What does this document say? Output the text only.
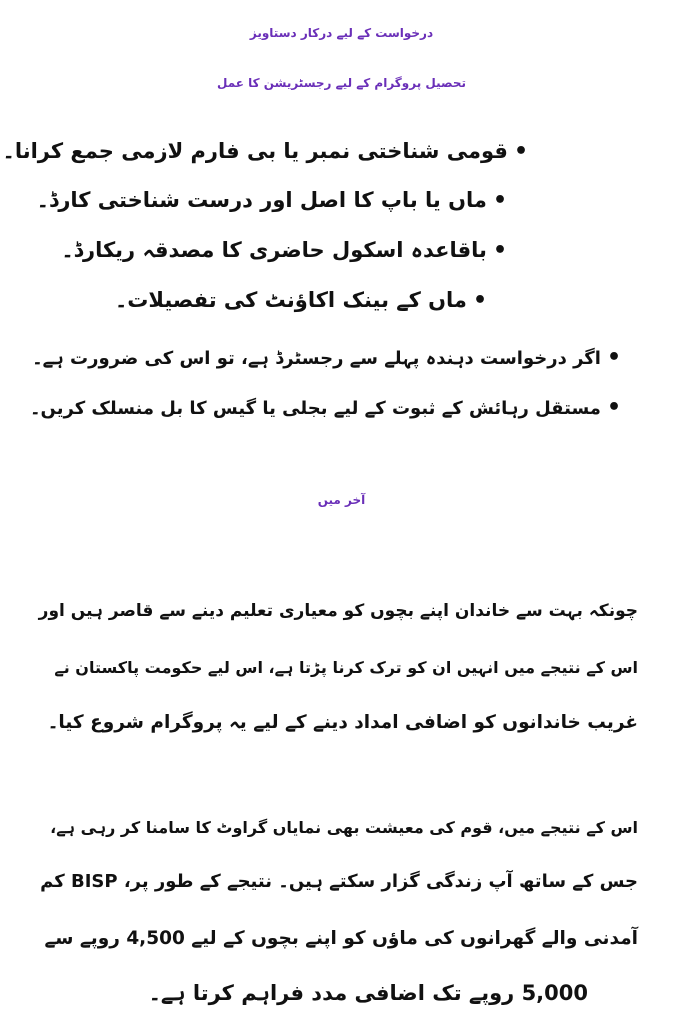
درخواست کے لیے درکار دستاویز
تحصیل پروگرام کے لیے رجسٹریشن کا عمل
•قومی شناختی نمبر یا بی فارم لازمی جمع کرانا۔
•ماں یا باپ کا اصل اور درست شناختی کارڈ۔
•باقاعدہ اسکول حاضری کا مصدقہ ریکارڈ۔
•ماں کے بینک اکاؤنٹ کی تفصیلات۔
•اگر درخواست دہندہ پہلے سے رجسٹرڈ ہے، تو اس کی ضرورت ہے۔
•مستقل رہائش کے ثبوت کے لیے بجلی یا گیس کا بل منسلک کریں۔
آخر میں
چونکہ بہت سے خاندان اپنے بچوں کو معیاری تعلیم دینے سے قاصر ہیں اور
اس کے نتیجے میں انہیں ان کو ترک کرنا پڑتا ہے، اس لیے حکومت پاکستان نے
غریب خاندانوں کو اضافی امداد دینے کے لیے یہ پروگرام شروع کیا۔
اس کے نتیجے میں، قوم کی معیشت بھی نمایاں گراوٹ کا سامنا کر رہی ہے،
جس کے ساتھ آپ زندگی گزار سکتے ہیں۔ نتیجے کے طور پر، BISP کم
آمدنی والے گھرانوں کی ماؤں کو اپنے بچوں کے لیے 4,500 روپے سے
5,000 روپے تک اضافی مدد فراہم کرتا ہے۔
